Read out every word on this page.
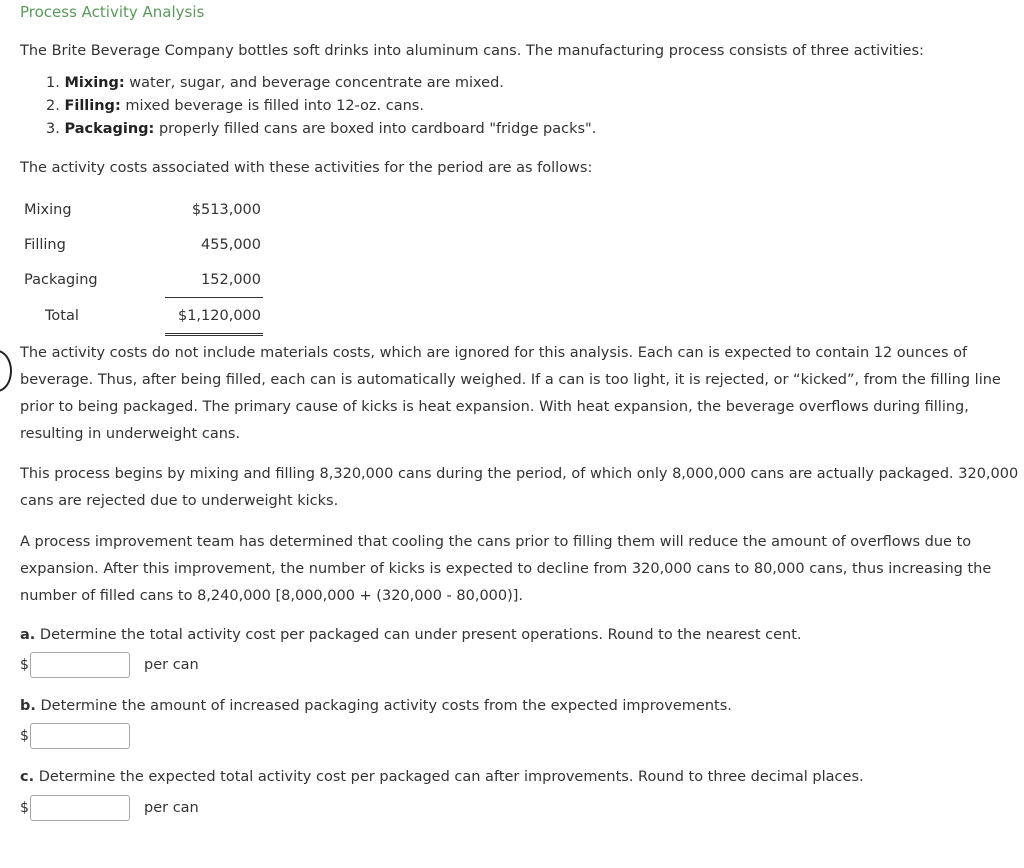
Process Activity Analysis

The Brite Beverage Company bottles soft drinks into aluminum cans. The manufacturing process consists of three activities:

1. Mixing: water, sugar, and beverage concentrate are mixed.
2. Filling: mixed beverage is filled into 12-oz. cans.
3. Packaging: properly filled cans are boxed into cardboard "fridge packs".

The activity costs associated with these activities for the period are as follows:

Mixing	$513,000
Filling	455,000
Packaging	152,000
Total	$1,120,000

The activity costs do not include materials costs, which are ignored for this analysis. Each can is expected to contain 12 ounces of beverage. Thus, after being filled, each can is automatically weighed. If a can is too light, it is rejected, or “kicked”, from the filling line prior to being packaged. The primary cause of kicks is heat expansion. With heat expansion, the beverage overflows during filling, resulting in underweight cans.

This process begins by mixing and filling 8,320,000 cans during the period, of which only 8,000,000 cans are actually packaged. 320,000 cans are rejected due to underweight kicks.

A process improvement team has determined that cooling the cans prior to filling them will reduce the amount of overflows due to expansion. After this improvement, the number of kicks is expected to decline from 320,000 cans to 80,000 cans, thus increasing the number of filled cans to 8,240,000 [8,000,000 + (320,000 - 80,000)].

a. Determine the total activity cost per packaged can under present operations. Round to the nearest cent.

$	per can

b. Determine the amount of increased packaging activity costs from the expected improvements.

$

c. Determine the expected total activity cost per packaged can after improvements. Round to three decimal places.

$	per can
